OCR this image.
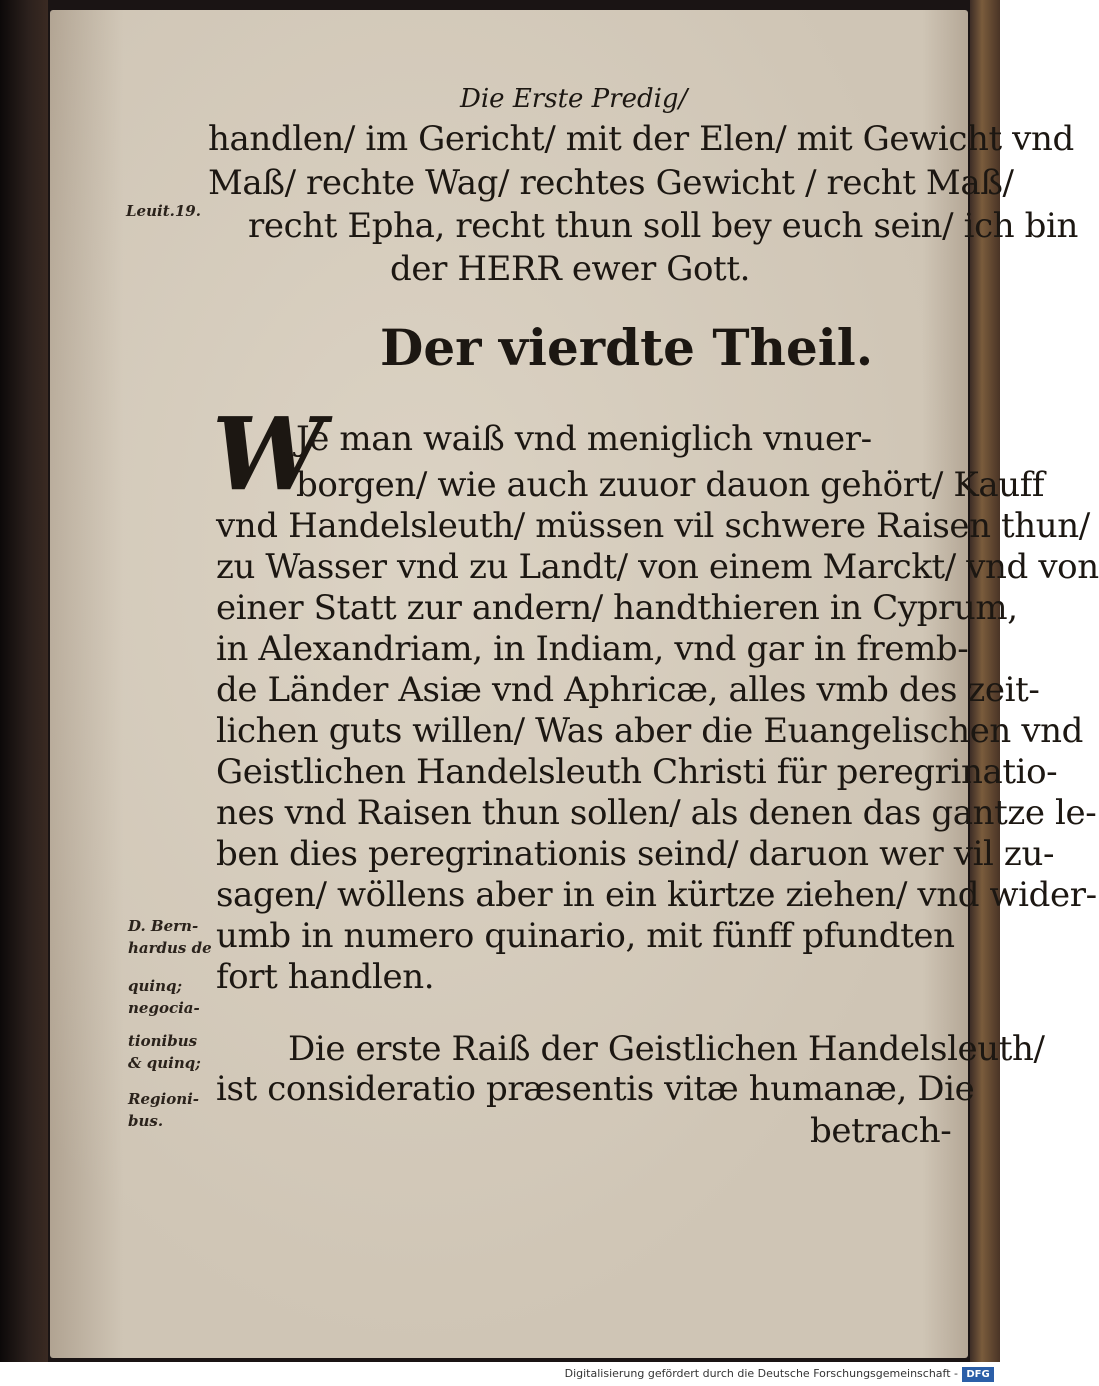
Die Erste Predig/
handlen/ im Gericht/ mit der Elen/ mit Gewicht vnd
Maß/ rechte Wag/ rechtes Gewicht / recht Maß/
Leuit.19. recht Epha, recht thun soll bey euch sein/ ich bin
der HERR ewer Gott.
Der vierdte Theil.
W
Je man waiß vnd meniglich vnuer-
borgen/ wie auch zuuor dauon gehört/ Kauff
vnd Handelsleuth/ müssen vil schwere Raisen thun/
zu Wasser vnd zu Landt/ von einem Marckt/ vnd von
einer Statt zur andern/ handthieren in Cyprum,
in Alexandriam, in Indiam, vnd gar in fremb-
de Länder Asiæ vnd Aphricæ, alles vmb des zeit-
lichen guts willen/ Was aber die Euangelischen vnd
Geistlichen Handelsleuth Christi für peregrinatio-
nes vnd Raisen thun sollen/ als denen das gantze le-
ben dies peregrinationis seind/ daruon wer vil zu-
sagen/ wöllens aber in ein kürtze ziehen/ vnd wider-
umb in numero quinario, mit fünff pfundten
fort handlen.
D. Bern-
hardus de
quinq;
negocia-
tionibus
& quinq;
Regioni-
bus.
Die erste Raiß der Geistlichen Handelsleuth/
ist consideratio præsentis vitæ humanæ, Die
betrach-
Digitalisierung gefördert durch die Deutsche Forschungsgemeinschaft - DFG
